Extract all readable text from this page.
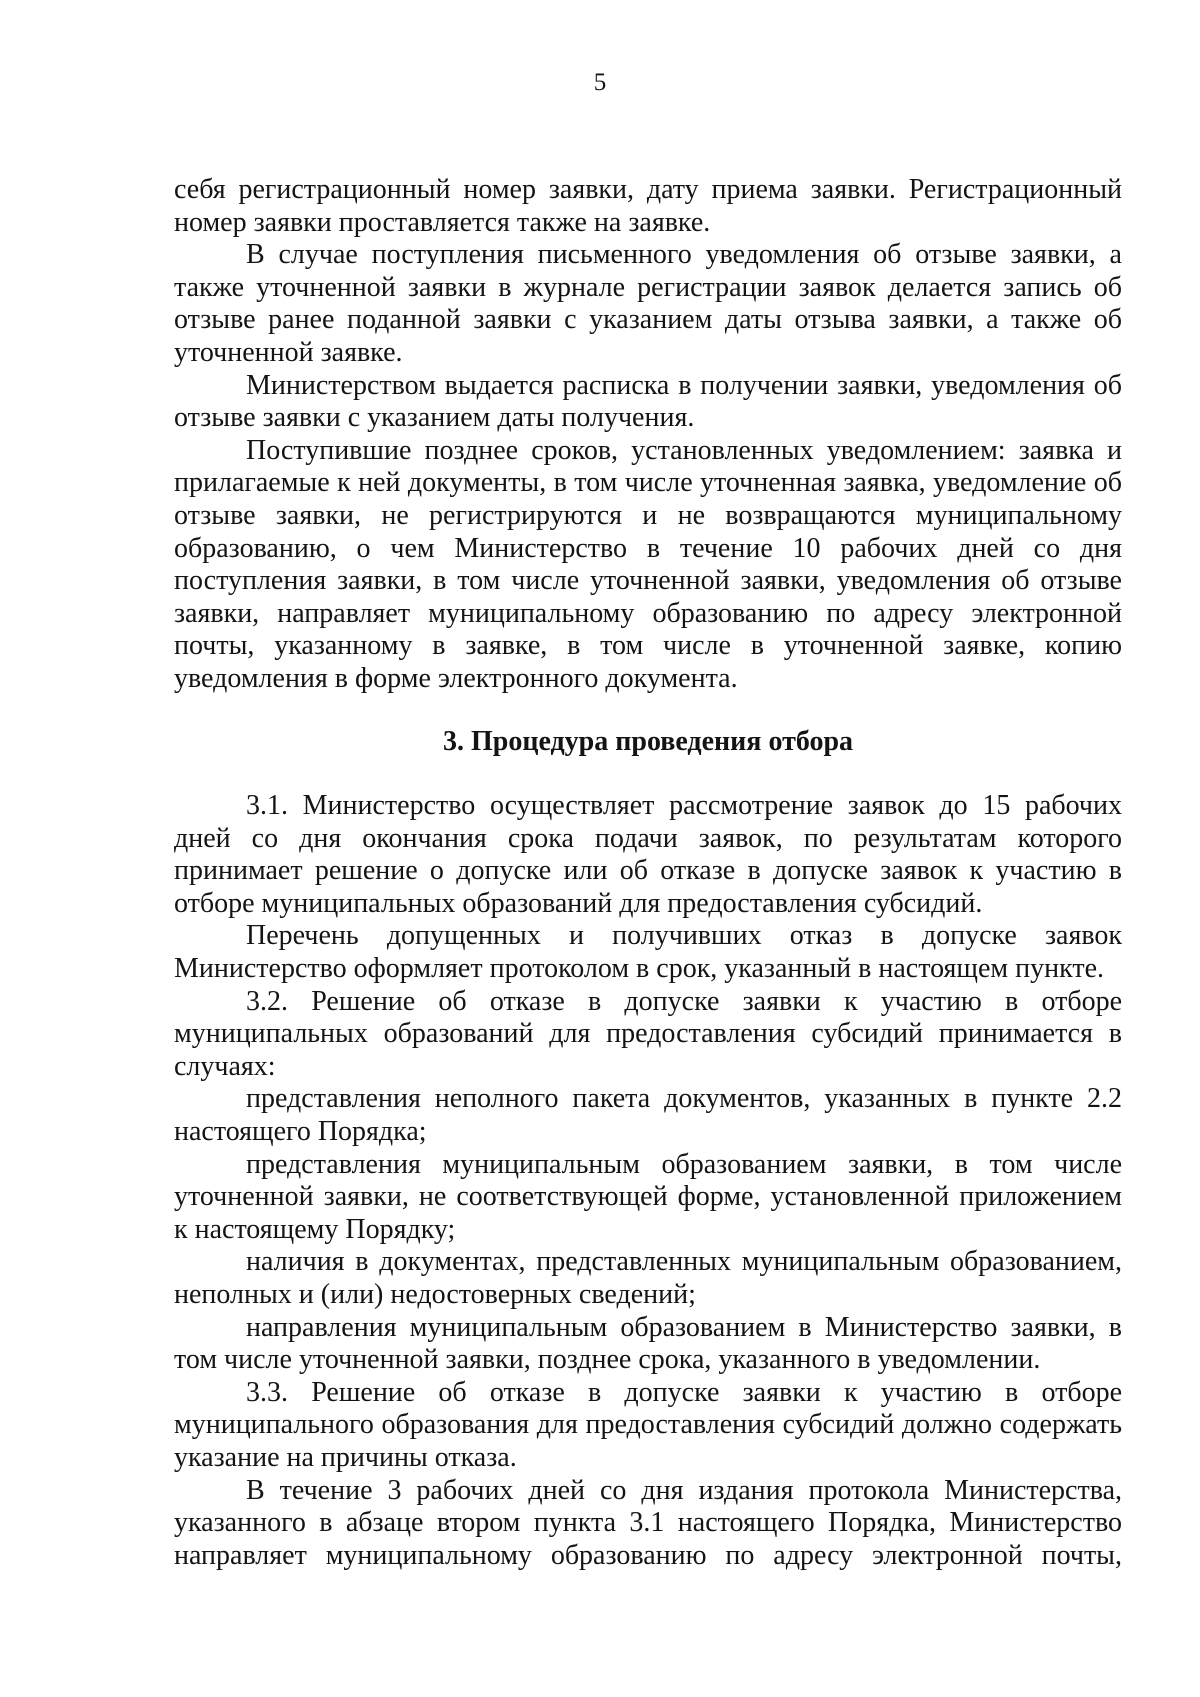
5

себя регистрационный номер заявки, дату приема заявки. Регистрационный номер заявки проставляется также на заявке.

В случае поступления письменного уведомления об отзыве заявки, а также уточненной заявки в журнале регистрации заявок делается запись об отзыве ранее поданной заявки с указанием даты отзыва заявки, а также об уточненной заявке.

Министерством выдается расписка в получении заявки, уведомления об отзыве заявки с указанием даты получения.

Поступившие позднее сроков, установленных уведомлением: заявка и прилагаемые к ней документы, в том числе уточненная заявка, уведомление об отзыве заявки, не регистрируются и не возвращаются муниципальному образованию, о чем Министерство в течение 10 рабочих дней со дня поступления заявки, в том числе уточненной заявки, уведомления об отзыве заявки, направляет муниципальному образованию по адресу электронной почты, указанному в заявке, в том числе в уточненной заявке, копию уведомления в форме электронного документа.

3. Процедура проведения отбора

3.1. Министерство осуществляет рассмотрение заявок до 15 рабочих дней со дня окончания срока подачи заявок, по результатам которого принимает решение о допуске или об отказе в допуске заявок к участию в отборе муниципальных образований для предоставления субсидий.

Перечень допущенных и получивших отказ в допуске заявок Министерство оформляет протоколом в срок, указанный в настоящем пункте.

3.2. Решение об отказе в допуске заявки к участию в отборе муниципальных образований для предоставления субсидий принимается в случаях:

представления неполного пакета документов, указанных в пункте 2.2 настоящего Порядка;

представления муниципальным образованием заявки, в том числе уточненной заявки, не соответствующей форме, установленной приложением к настоящему Порядку;

наличия в документах, представленных муниципальным образованием, неполных и (или) недостоверных сведений;

направления муниципальным образованием в Министерство заявки, в том числе уточненной заявки, позднее срока, указанного в уведомлении.

3.3. Решение об отказе в допуске заявки к участию в отборе муниципального образования для предоставления субсидий должно содержать указание на причины отказа.

В течение 3 рабочих дней со дня издания протокола Министерства, указанного в абзаце втором пункта 3.1 настоящего Порядка, Министерство направляет муниципальному образованию по адресу электронной почты,
